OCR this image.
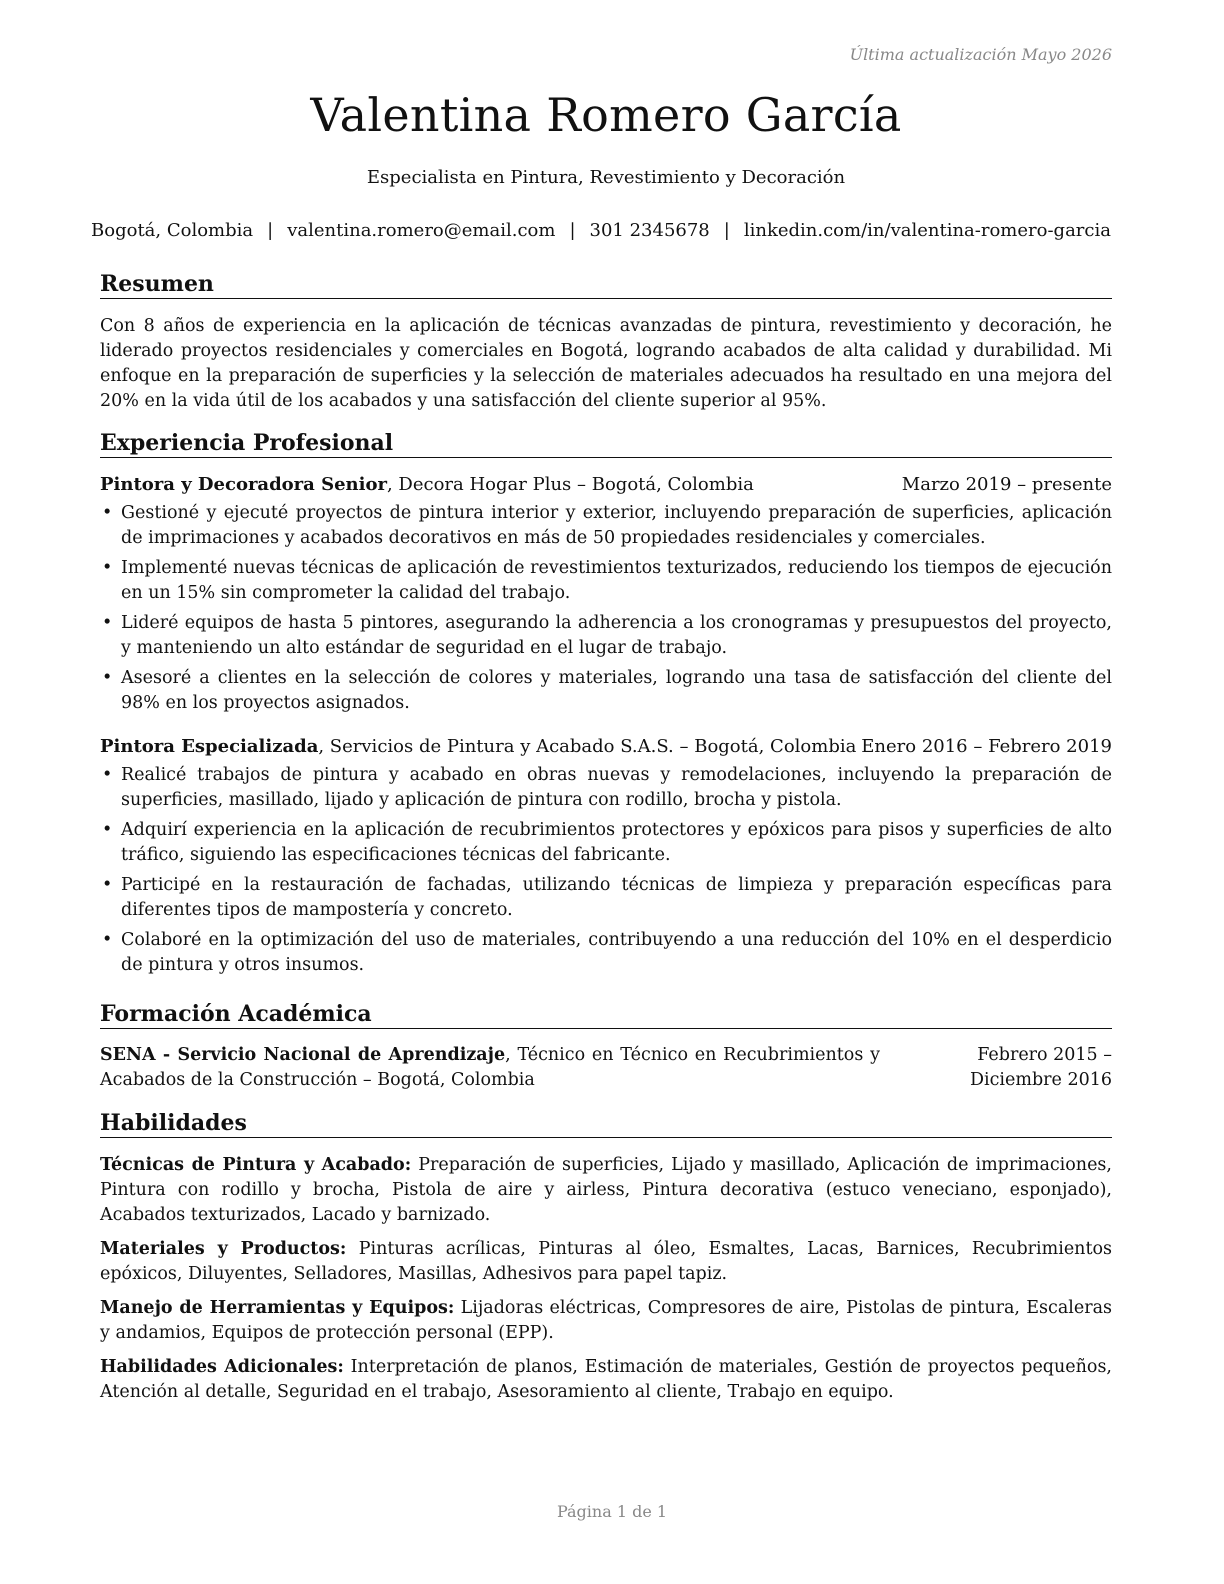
Última actualización Mayo 2026
Valentina Romero García
Especialista en Pintura, Revestimiento y Decoración
Bogotá, Colombia | valentina.romero@email.com | 301 2345678 | linkedin.com/in/valentina-romero-garcia
Resumen

Con 8 años de experiencia en la aplicación de técnicas avanzadas de pintura, revestimiento y decoración, he liderado proyectos residenciales y comerciales en Bogotá, logrando acabados de alta calidad y durabilidad. Mi enfoque en la preparación de superficies y la selección de materiales adecuados ha resultado en una mejora del 20% en la vida útil de los acabados y una satisfacción del cliente superior al 95%.

Experiencia Profesional
Pintora y Decoradora Senior, Decora Hogar Plus – Bogotá, Colombia	Marzo 2019 – presente
• Gestioné y ejecuté proyectos de pintura interior y exterior, incluyendo preparación de superficies, aplicación de imprimaciones y acabados decorativos en más de 50 propiedades residenciales y comerciales.
• Implementé nuevas técnicas de aplicación de revestimientos texturizados, reduciendo los tiempos de ejecución en un 15% sin comprometer la calidad del trabajo.
• Lideré equipos de hasta 5 pintores, asegurando la adherencia a los cronogramas y presupuestos del proyecto, y manteniendo un alto estándar de seguridad en el lugar de trabajo.
• Asesoré a clientes en la selección de colores y materiales, logrando una tasa de satisfacción del cliente del 98% en los proyectos asignados.
Pintora Especializada, Servicios de Pintura y Acabado S.A.S. – Bogotá, Colombia Enero 2016 – Febrero 2019
• Realicé trabajos de pintura y acabado en obras nuevas y remodelaciones, incluyendo la preparación de superficies, masillado, lijado y aplicación de pintura con rodillo, brocha y pistola.
• Adquirí experiencia en la aplicación de recubrimientos protectores y epóxicos para pisos y superficies de alto tráfico, siguiendo las especificaciones técnicas del fabricante.
• Participé en la restauración de fachadas, utilizando técnicas de limpieza y preparación específicas para diferentes tipos de mampostería y concreto.
• Colaboré en la optimización del uso de materiales, contribuyendo a una reducción del 10% en el desperdicio de pintura y otros insumos.
Formación Académica
SENA - Servicio Nacional de Aprendizaje, Técnico en Técnico en Recubrimientos y Acabados de la Construcción – Bogotá, Colombia
Febrero 2015 – Diciembre 2016
Habilidades

Técnicas de Pintura y Acabado: Preparación de superficies, Lijado y masillado, Aplicación de imprimaciones, Pintura con rodillo y brocha, Pistola de aire y airless, Pintura decorativa (estuco veneciano, esponjado), Acabados texturizados, Lacado y barnizado.

Materiales y Productos: Pinturas acrílicas, Pinturas al óleo, Esmaltes, Lacas, Barnices, Recubrimientos epóxicos, Diluyentes, Selladores, Masillas, Adhesivos para papel tapiz.

Manejo de Herramientas y Equipos: Lijadoras eléctricas, Compresores de aire, Pistolas de pintura, Escaleras y andamios, Equipos de protección personal (EPP).

Habilidades Adicionales: Interpretación de planos, Estimación de materiales, Gestión de proyectos pequeños, Atención al detalle, Seguridad en el trabajo, Asesoramiento al cliente, Trabajo en equipo.

Página 1 de 1
